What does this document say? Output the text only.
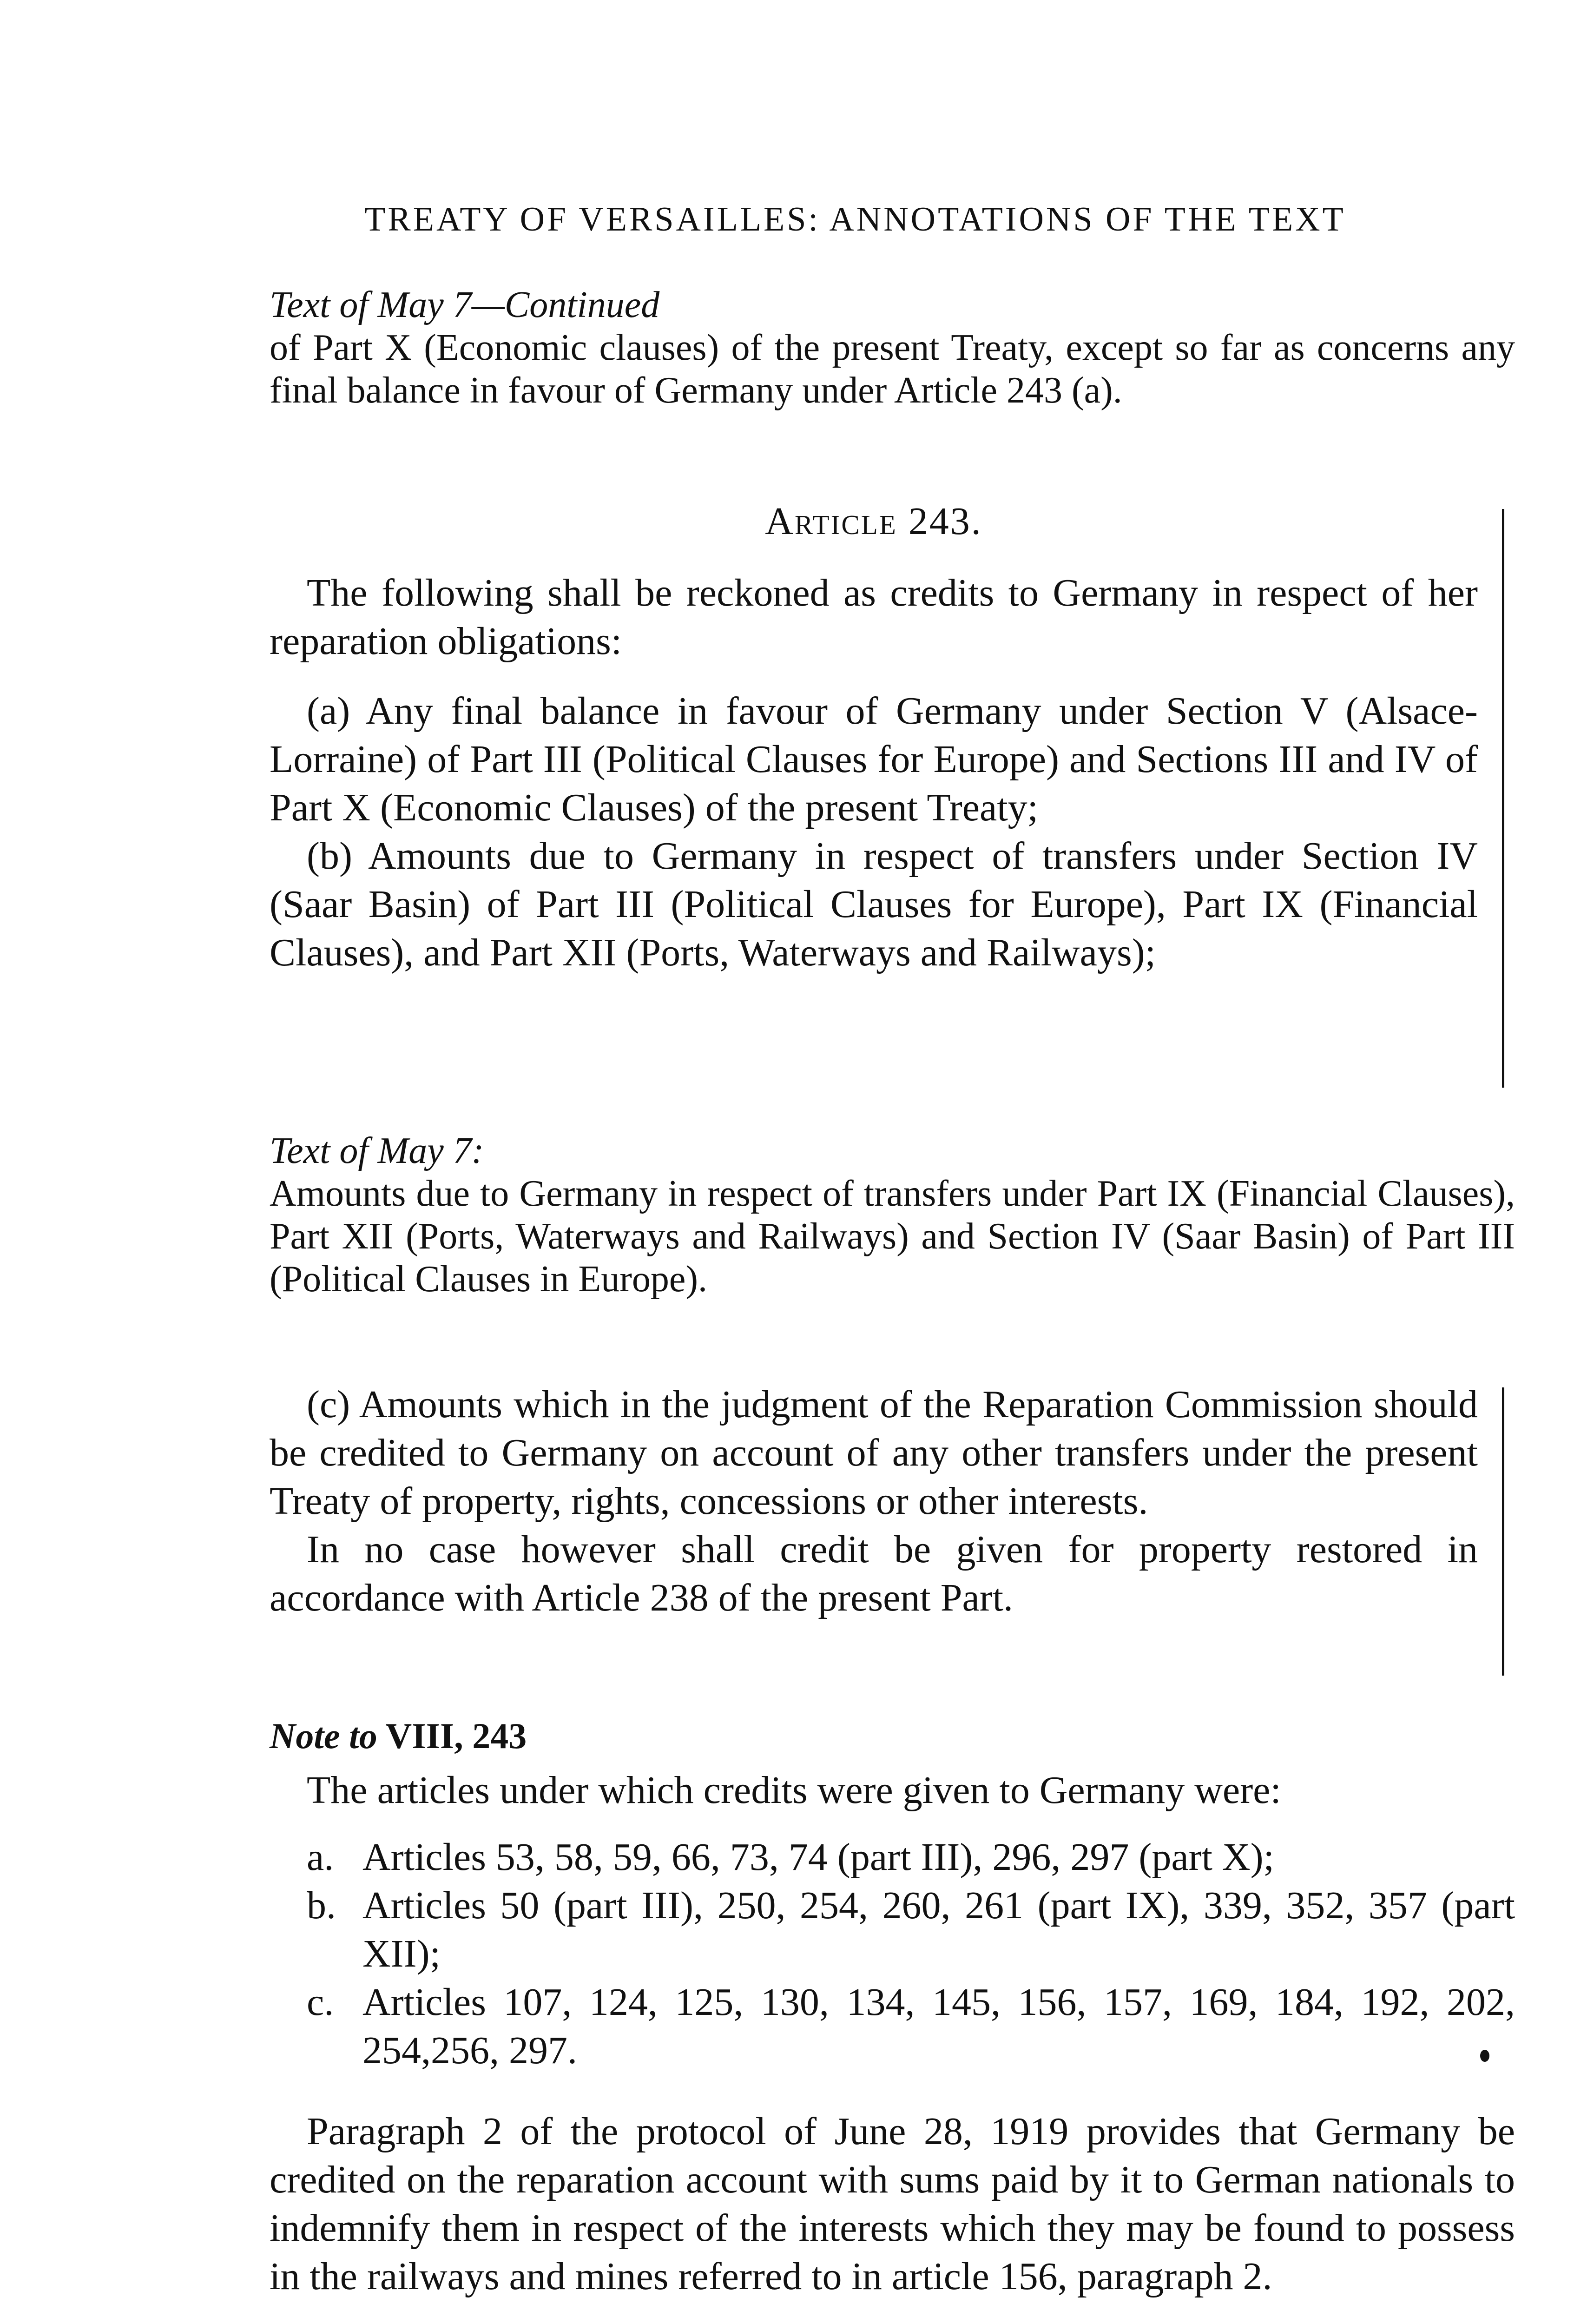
TREATY OF VERSAILLES: ANNOTATIONS OF THE TEXT

Text of May 7—Continued

of Part X (Economic clauses) of the present Treaty, except so far as concerns any final balance in favour of Germany under Article 243 (a).

Article 243.

The following shall be reckoned as credits to Germany in respect of her reparation obligations:

(a) Any final balance in favour of Germany under Section V (Alsace-Lorraine) of Part III (Political Clauses for Europe) and Sections III and IV of Part X (Economic Clauses) of the present Treaty;

(b) Amounts due to Germany in respect of transfers under Section IV (Saar Basin) of Part III (Political Clauses for Europe), Part IX (Financial Clauses), and Part XII (Ports, Waterways and Railways);

Text of May 7:

Amounts due to Germany in respect of transfers under Part IX (Financial Clauses), Part XII (Ports, Waterways and Railways) and Section IV (Saar Basin) of Part III (Political Clauses in Europe).

(c) Amounts which in the judgment of the Reparation Commission should be credited to Germany on account of any other transfers under the present Treaty of property, rights, concessions or other interests.

In no case however shall credit be given for property restored in accordance with Article 238 of the present Part.

Note to VIII, 243

The articles under which credits were given to Germany were:

a. Articles 53, 58, 59, 66, 73, 74 (part III), 296, 297 (part X);

b. Articles 50 (part III), 250, 254, 260, 261 (part IX), 339, 352, 357 (part XII);

c. Articles 107, 124, 125, 130, 134, 145, 156, 157, 169, 184, 192, 202, 254,256, 297.

Paragraph 2 of the protocol of June 28, 1919 provides that Germany be credited on the reparation account with sums paid by it to German nationals to indemnify them in respect of the interests which they may be found to possess in the railways and mines referred to in article 156, paragraph 2.
